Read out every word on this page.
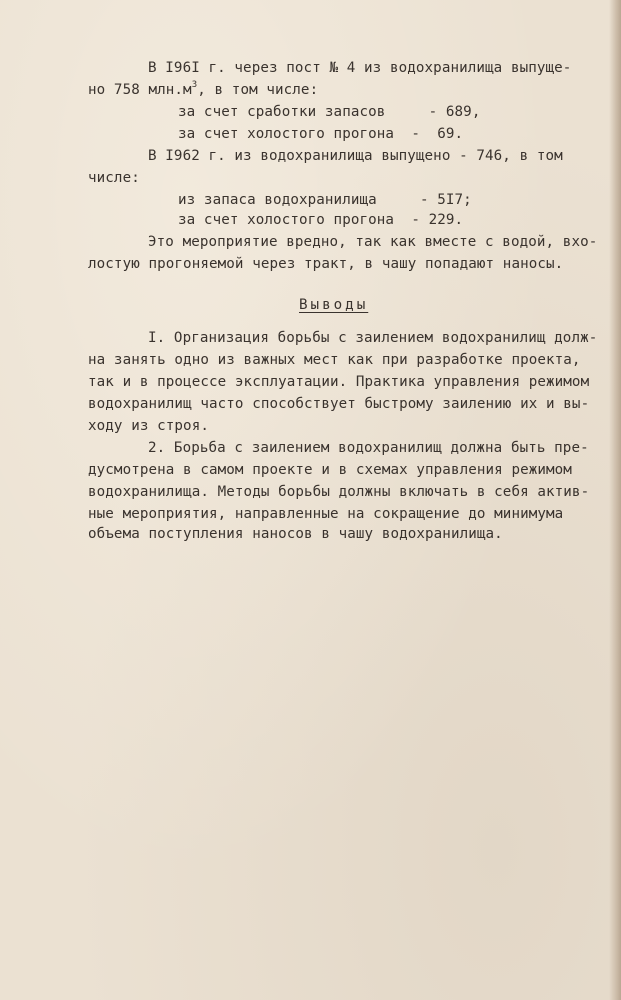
В I96I г. через пост № 4 из водохранилища выпуще-
но 758 $млн.м^3$, в том числе:
за счет сработки запасов     - 689,
за счет холостого прогона  -  69.
В I962 г. из водохранилища выпущено - 746, в том
числе:
из запаса водохранилища     - 5I7;
за счет холостого прогона  - 229.
Это мероприятие вредно, так как вместе с водой, вхо-
лостую прогоняемой через тракт, в чашу попадают наносы.
Выводы
I. Организация борьбы с заилением водохранилищ долж-
на занять одно из важных мест как при разработке проекта,
так и в процессе эксплуатации. Практика управления режимом
водохранилищ часто способствует быстрому заилению их и вы-
ходу из строя.
2. Борьба с заилением водохранилищ должна быть пре-
дусмотрена в самом проекте и в схемах управления режимом
водохранилища. Методы борьбы должны включать в себя актив-
ные мероприятия, направленные на сокращение до минимума
объема поступления наносов в чашу водохранилища.
